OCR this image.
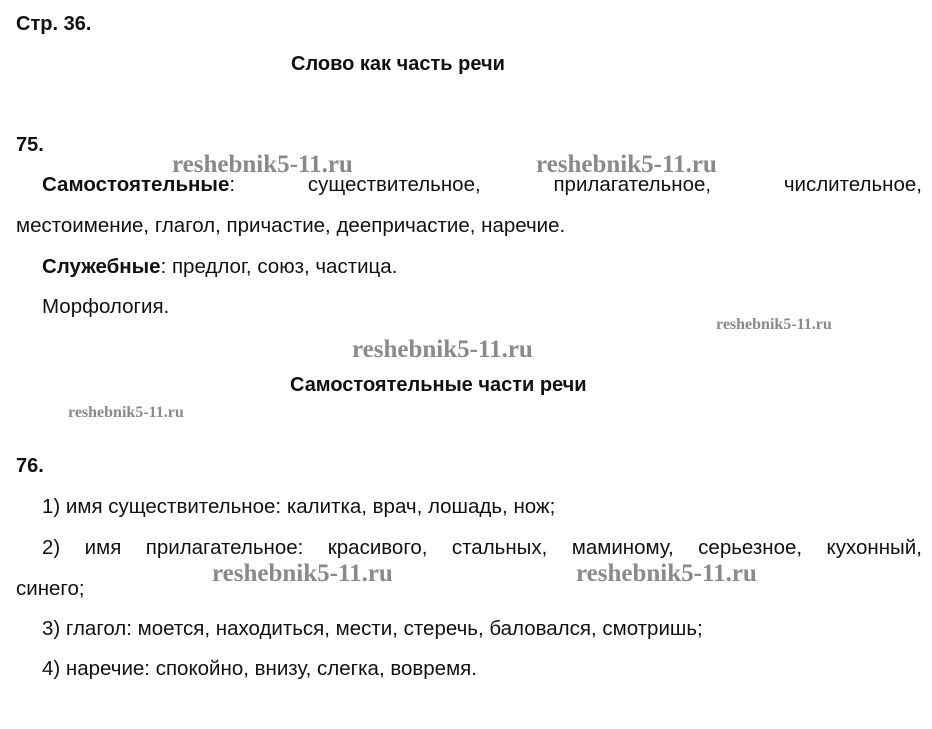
Стр. 36.
Слово как часть речи
75.
Самостоятельные:	существительное,	прилагательное,	числительное,
местоимение, глагол, причастие, деепричастие, наречие.
Служебные: предлог, союз, частица.
Морфология.
Самостоятельные части речи
76.
1) имя существительное: калитка, врач, лошадь, нож;
2) имя прилагательное: красивого, стальных, маминому, серьезное, кухонный,
синего;
3) глагол: моется, находиться, мести, стеречь, баловался, смотришь;
4) наречие: спокойно, внизу, слегка, вовремя.
reshebnik5-11.ru	reshebnik5-11.ru
reshebnik5-11.ru
reshebnik5-11.ru
reshebnik5-11.ru
reshebnik5-11.ru	reshebnik5-11.ru
